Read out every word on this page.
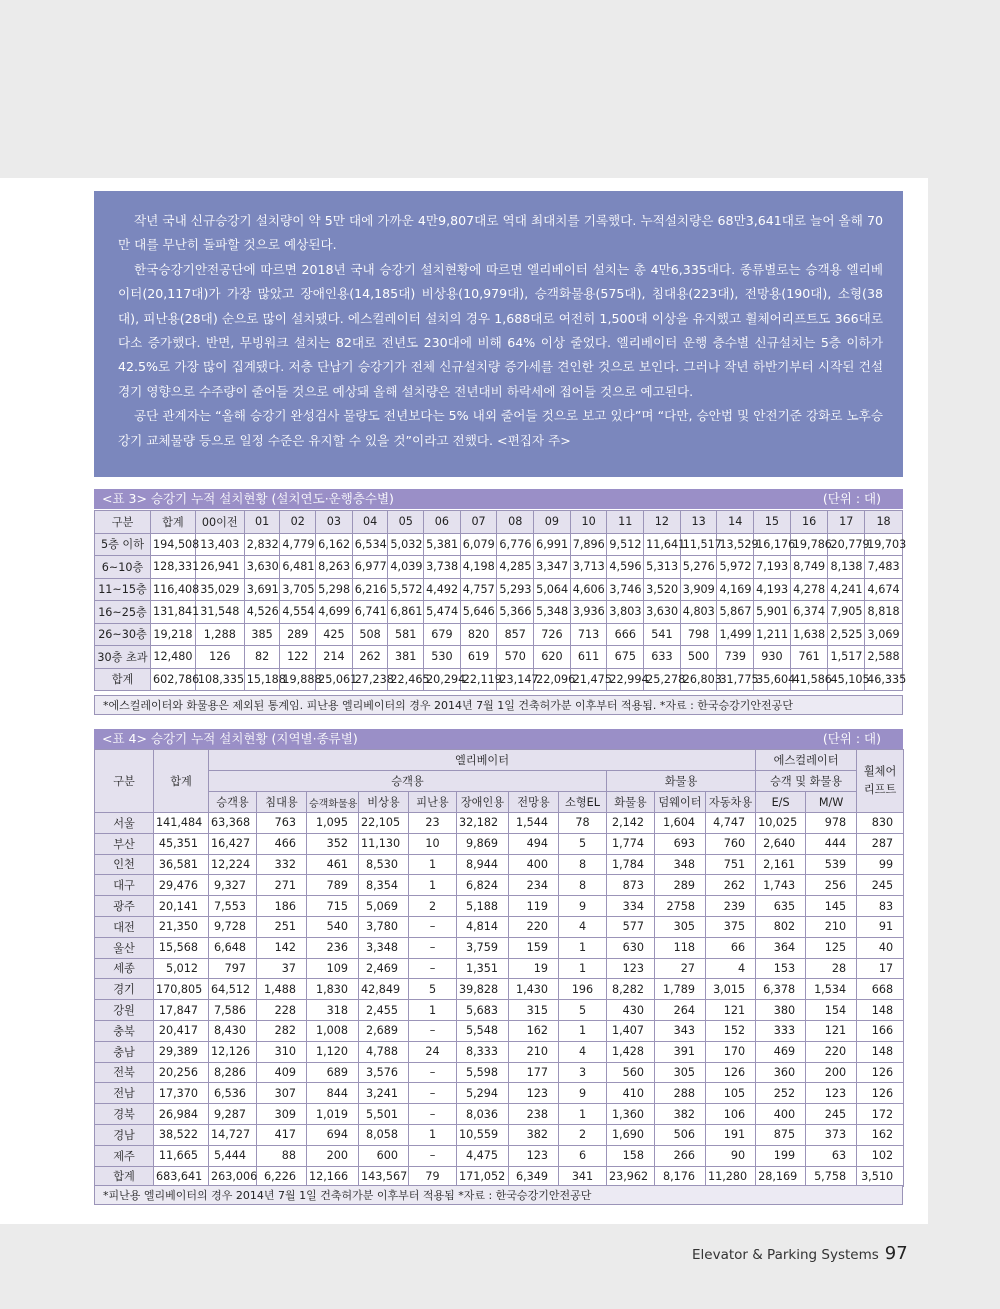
작년 국내 신규승강기 설치량이 약 5만 대에 가까운 4만9,807대로 역대 최대치를 기록했다. 누적설치량은 68만3,641대로 늘어 올해 70만 대를 무난히 돌파할 것으로 예상된다.

한국승강기안전공단에 따르면 2018년 국내 승강기 설치현황에 따르면 엘리베이터 설치는 총 4만6,335대다. 종류별로는 승객용 엘리베이터(20,117대)가 가장 많았고 장애인용(14,185대) 비상용(10,979대), 승객화물용(575대), 침대용(223대), 전망용(190대), 소형(38대), 피난용(28대) 순으로 많이 설치됐다. 에스컬레이터 설치의 경우 1,688대로 여전히 1,500대 이상을 유지했고 휠체어리프트도 366대로 다소 증가했다. 반면, 무빙워크 설치는 82대로 전년도 230대에 비해 64% 이상 줄었다. 엘리베이터 운행 층수별 신규설치는 5층 이하가 42.5%로 가장 많이 집계됐다. 저층 단납기 승강기가 전체 신규설치량 증가세를 견인한 것으로 보인다. 그러나 작년 하반기부터 시작된 건설경기 영향으로 수주량이 줄어들 것으로 예상돼 올해 설치량은 전년대비 하락세에 접어들 것으로 예고된다.

공단 관계자는 “올해 승강기 완성검사 물량도 전년보다는 5% 내외 줄어들 것으로 보고 있다”며 “다만, 승안법 및 안전기준 강화로 노후승강기 교체물량 등으로 일정 수준은 유지할 수 있을 것”이라고 전했다. <편집자 주>

<표 3> 승강기 누적 설치현황 (설치연도·운행층수별)	(단위 : 대)
구분	합계	00이전	01	02	03	04	05	06	07	08	09	10	11	12	13	14	15	16	17	18
5층 이하	194,508	13,403	2,832	4,779	6,162	6,534	5,032	5,381	6,079	6,776	6,991	7,896	9,512	11,641	11,517	13,529	16,176	19,786	20,779	19,703
6~10층	128,331	26,941	3,630	6,481	8,263	6,977	4,039	3,738	4,198	4,285	3,347	3,713	4,596	5,313	5,276	5,972	7,193	8,749	8,138	7,483
11~15층	116,408	35,029	3,691	3,705	5,298	6,216	5,572	4,492	4,757	5,293	5,064	4,606	3,746	3,520	3,909	4,169	4,193	4,278	4,241	4,674
16~25층	131,841	31,548	4,526	4,554	4,699	6,741	6,861	5,474	5,646	5,366	5,348	3,936	3,803	3,630	4,803	5,867	5,901	6,374	7,905	8,818
26~30층	19,218	1,288	385	289	425	508	581	679	820	857	726	713	666	541	798	1,499	1,211	1,638	2,525	3,069
30층 초과	12,480	126	82	122	214	262	381	530	619	570	620	611	675	633	500	739	930	761	1,517	2,588
합계	602,786	108,335	15,188	19,888	25,061	27,238	22,465	20,294	22,119	23,147	22,096	21,475	22,994	25,278	26,803	31,775	35,604	41,586	45,105	46,335
*에스컬레이터와 화물용은 제외된 통계임. 피난용 엘리베이터의 경우 2014년 7월 1일 건축허가분 이후부터 적용됨. *자료 : 한국승강기안전공단
<표 4> 승강기 누적 설치현황 (지역별·종류별)	(단위 : 대)
구분	합계	엘리베이터											에스컬레이터		휠체어 리프트
		승객용								화물용			승객 및 화물용		
		승객용	침대용	승객화물용	비상용	피난용	장애인용	전망용	소형EL	화물용	덤웨이터	자동차용	E/S	M/W	
서울	141,484	63,368	763	1,095	22,105	23	32,182	1,544	78	2,142	1,604	4,747	10,025	978	830
부산	45,351	16,427	466	352	11,130	10	9,869	494	5	1,774	693	760	2,640	444	287
인천	36,581	12,224	332	461	8,530	1	8,944	400	8	1,784	348	751	2,161	539	99
대구	29,476	9,327	271	789	8,354	1	6,824	234	8	873	289	262	1,743	256	245
광주	20,141	7,553	186	715	5,069	2	5,188	119	9	334	2758	239	635	145	83
대전	21,350	9,728	251	540	3,780	–	4,814	220	4	577	305	375	802	210	91
울산	15,568	6,648	142	236	3,348	–	3,759	159	1	630	118	66	364	125	40
세종	5,012	797	37	109	2,469	–	1,351	19	1	123	27	4	153	28	17
경기	170,805	64,512	1,488	1,830	42,849	5	39,828	1,430	196	8,282	1,789	3,015	6,378	1,534	668
강원	17,847	7,586	228	318	2,455	1	5,683	315	5	430	264	121	380	154	148
충북	20,417	8,430	282	1,008	2,689	–	5,548	162	1	1,407	343	152	333	121	166
충남	29,389	12,126	310	1,120	4,788	24	8,333	210	4	1,428	391	170	469	220	148
전북	20,256	8,286	409	689	3,576	–	5,598	177	3	560	305	126	360	200	126
전남	17,370	6,536	307	844	3,241	–	5,294	123	9	410	288	105	252	123	126
경북	26,984	9,287	309	1,019	5,501	–	8,036	238	1	1,360	382	106	400	245	172
경남	38,522	14,727	417	694	8,058	1	10,559	382	2	1,690	506	191	875	373	162
제주	11,665	5,444	88	200	600	–	4,475	123	6	158	266	90	199	63	102
합계	683,641	263,006	6,226	12,166	143,567	79	171,052	6,349	341	23,962	8,176	11,280	28,169	5,758	3,510
*피난용 엘리베이터의 경우 2014년 7월 1일 건축허가분 이후부터 적용됨 *자료 : 한국승강기안전공단
Elevator & Parking Systems 97
